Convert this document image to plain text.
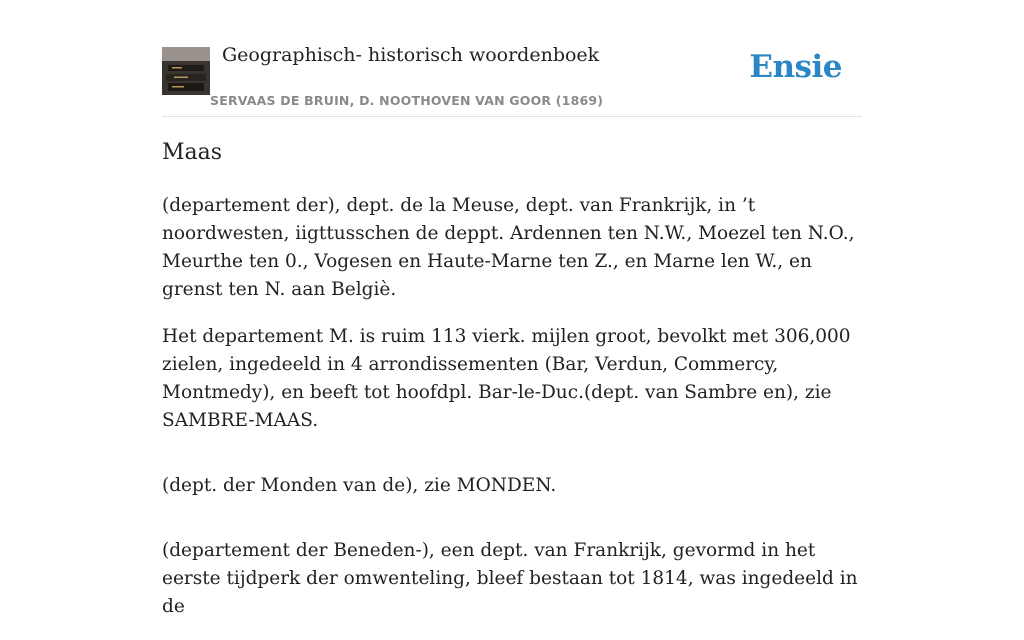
Geographisch- historisch woordenboek
SERVAAS DE BRUIN, D. NOOTHOVEN VAN GOOR (1869)
Ensie
Maas

(departement der), dept. de la Meuse, dept. van Frankrijk, in ’t noordwesten, iigttusschen de deppt. Ardennen ten N.W., Moezel ten N.O., Meurthe ten 0., Vogesen en Haute-Marne ten Z., en Marne len W., en grenst ten N. aan Belgiè.

Het departement M. is ruim 113 vierk. mijlen groot, bevolkt met 306,000 zielen, ingedeeld in 4 arrondissementen (Bar, Verdun, Commercy, Montmedy), en beeft tot hoofdpl. Bar-le-Duc.(dept. van Sambre en), zie SAMBRE-MAAS.

(dept. der Monden van de), zie MONDEN.

(departement der Beneden-), een dept. van Frankrijk, gevormd in het eerste tijdperk der omwenteling, bleef bestaan tot 1814, was ingedeeld in de
